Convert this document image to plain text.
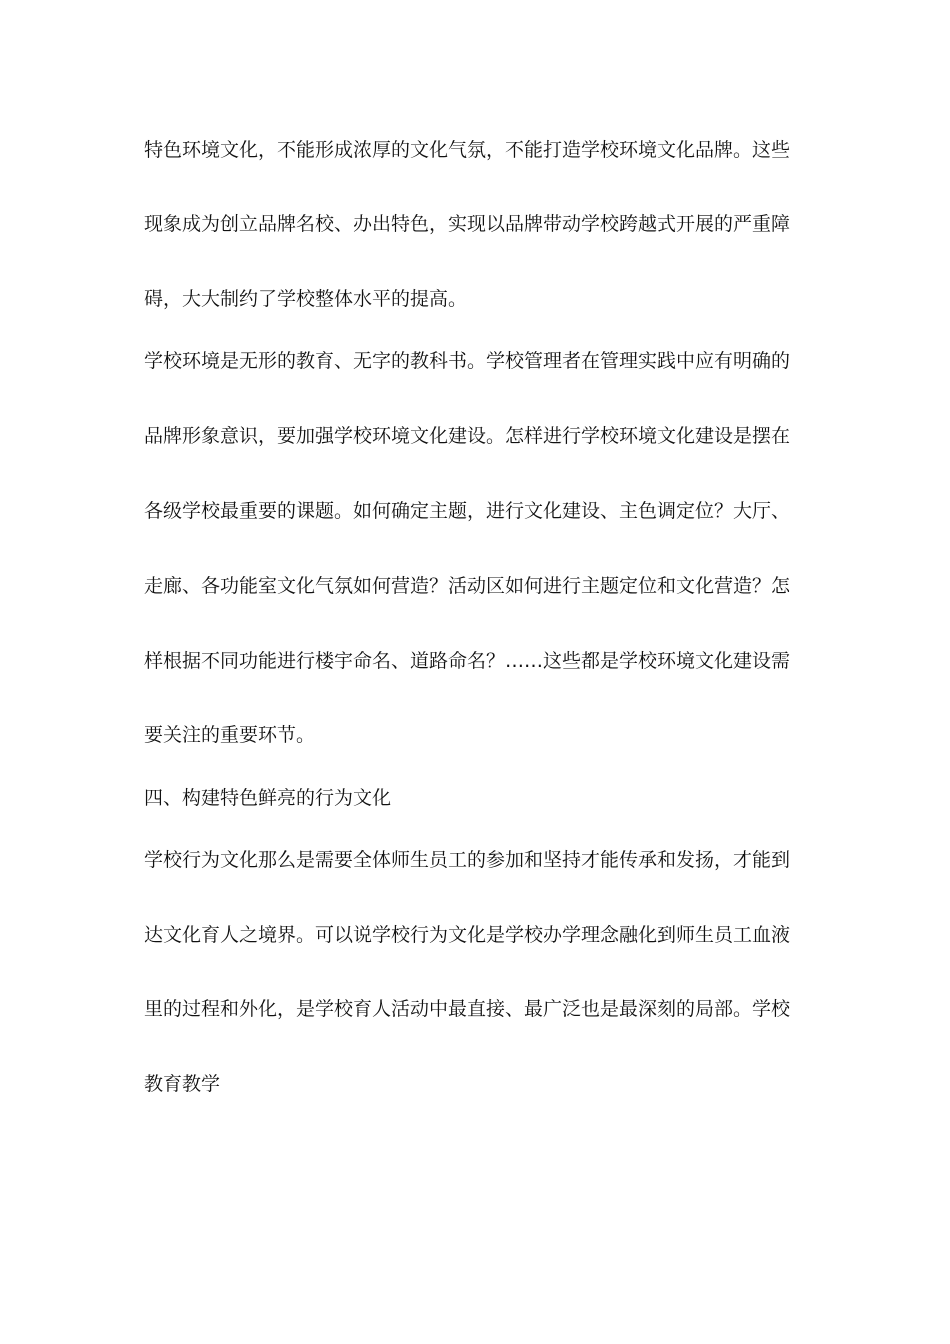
特色环境文化，不能形成浓厚的文化气氛，不能打造学校环境文化品牌。这些
现象成为创立品牌名校、办出特色，实现以品牌带动学校跨越式开展的严重障
碍，大大制约了学校整体水平的提高。
学校环境是无形的教育、无字的教科书。学校管理者在管理实践中应有明确的
品牌形象意识，要加强学校环境文化建设。怎样进行学校环境文化建设是摆在
各级学校最重要的课题。如何确定主题，进行文化建设、主色调定位？大厅、
走廊、各功能室文化气氛如何营造？活动区如何进行主题定位和文化营造？怎
样根据不同功能进行楼宇命名、道路命名？……这些都是学校环境文化建设需
要关注的重要环节。
四、构建特色鲜亮的行为文化
学校行为文化那么是需要全体师生员工的参加和坚持才能传承和发扬，才能到
达文化育人之境界。可以说学校行为文化是学校办学理念融化到师生员工血液
里的过程和外化，是学校育人活动中最直接、最广泛也是最深刻的局部。学校
教育教学
